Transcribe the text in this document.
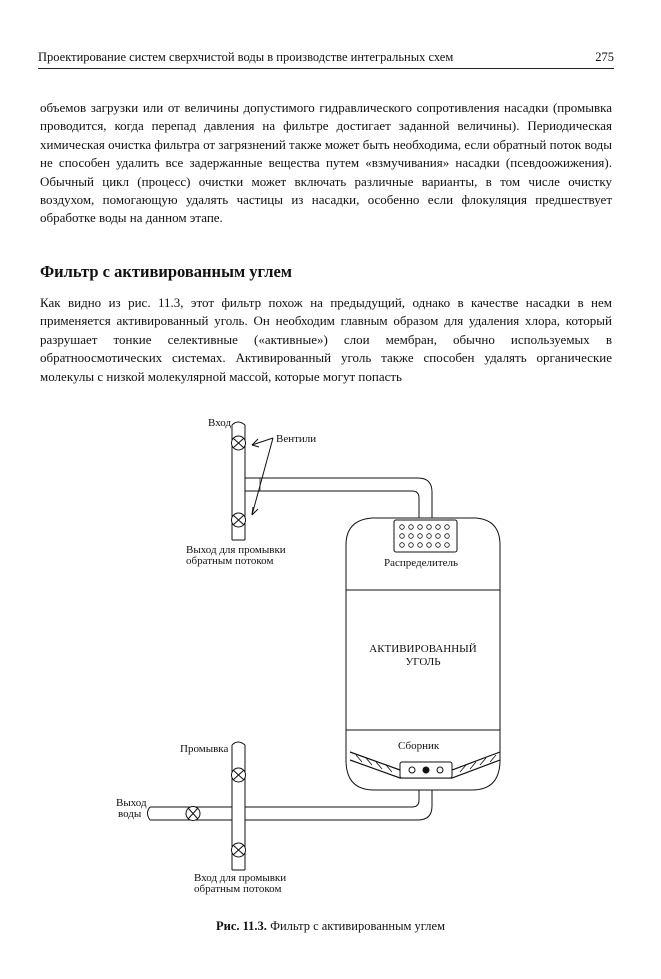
Проектирование систем сверхчистой воды в производстве интегральных схем	275

объемов загрузки или от величины допустимого гидравлического сопротивления насадки (промывка проводится, когда перепад давления на фильтре достигает заданной величины). Периодическая химическая очистка фильтра от загрязнений также может быть необходима, если обратный поток воды не способен удалить все задержанные вещества путем «взмучивания» насадки (псевдоожижения). Обычный цикл (процесс) очистки может включать различные варианты, в том числе очистку воздухом, помогающую удалять частицы из насадки, особенно если флокуляция предшествует обработке воды на данном этапе.

Фильтр с активированным углем

Как видно из рис. 11.3, этот фильтр похож на предыдущий, однако в качестве насадки в нем применяется активированный уголь. Он необходим главным образом для удаления хлора, который разрушает тонкие селективные («активные») слои мембран, обычно используемых в обратноосмотических системах. Активированный уголь также способен удалять органические молекулы с низкой молекулярной массой, которые могут попасть

Вход
Вентили
Выход для промывки
обратным потоком	Распределитель
АКТИВИРОВАННЫЙ
УГОЛЬ
Сборник
Промывка
Выход
воды
Вход для промывки
обратным потоком
Рис. 11.3. Фильтр с активированным углем
